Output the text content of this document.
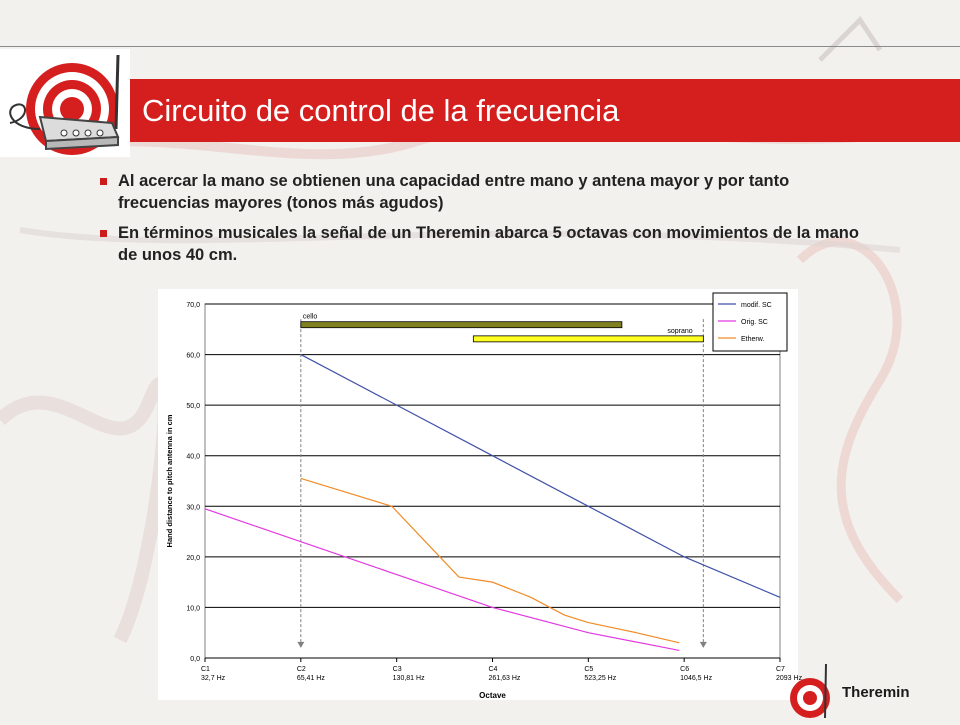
Circuito de control de la frecuencia
Al acercar la mano se obtienen una capacidad entre mano y antena mayor y por tanto frecuencias mayores (tonos más agudos)
En términos musicales la señal de un Theremin abarca 5 octavas con movimientos de la mano de unos 40 cm.
0,0
10,0
20,0
30,0
40,0
50,0
60,0
70,0
C1
32,7 Hz
C2
65,41 Hz
C3
130,81 Hz
C4
261,63 Hz
C5
523,25 Hz
C6
1046,5 Hz
C7
2093 Hz
Octave
Hand distance to pitch antenna in cm
cello
soprano
modif. SC
Orig. SC
Etherw.
Theremin
